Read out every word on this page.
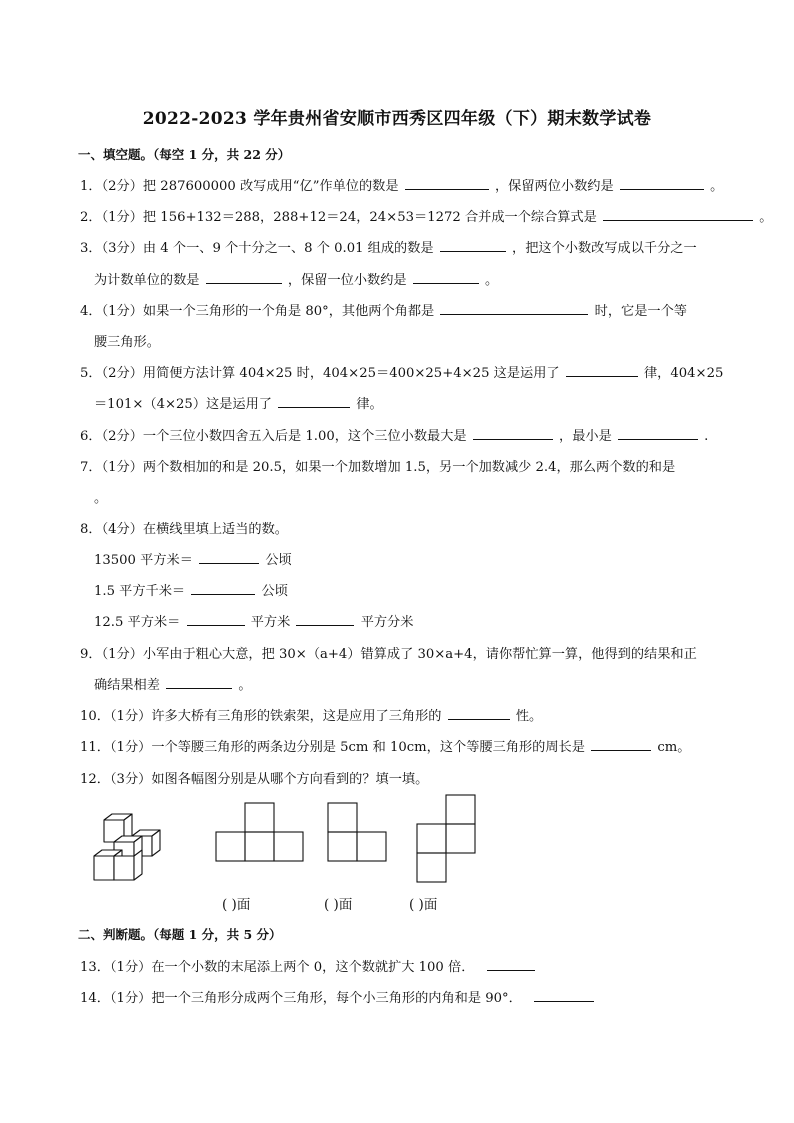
2022-2023 学年贵州省安顺市西秀区四年级（下）期末数学试卷
一、填空题。（每空 1 分，共 22 分）
1．（2分）把 287600000 改写成用“亿”作单位的数是	，保留两位小数约是	。
2．（1分）把 156+132＝288，288+12＝24，24×53＝1272 合并成一个综合算式是	。
3．（3分）由 4 个一、9 个十分之一、8 个 0.01 组成的数是	，把这个小数改写成以千分之一
为计数单位的数是	，保留一位小数约是	。
4．（1分）如果一个三角形的一个角是 80°，其他两个角都是	时，它是一个等
腰三角形。
5．（2分）用简便方法计算 404×25 时，404×25＝400×25+4×25 这是运用了	律，404×25
＝101×（4×25）这是运用了	律。
6．（2分）一个三位小数四舍五入后是 1.00，这个三位小数最大是	，最小是	.
7．（1分）两个数相加的和是 20.5，如果一个加数增加 1.5，另一个加数减少 2.4，那么两个数的和是
。
8．（4分）在横线里填上适当的数。
13500 平方米＝	公顷
1.5 平方千米＝	公顷
12.5 平方米＝	平方米	平方分米
9．（1分）小军由于粗心大意，把 30×（a+4）错算成了 30×a+4，请你帮忙算一算，他得到的结果和正
确结果相差	。
10．（1分）许多大桥有三角形的铁索架，这是应用了三角形的	性。
11．（1分）一个等腰三角形的两条边分别是 5cm 和 10cm，这个等腰三角形的周长是	cm。
12．（3分）如图各幅图分别是从哪个方向看到的？填一填。
( )面	( )面	( )面
二、判断题。（每题 1 分，共 5 分）
13．（1分）在一个小数的末尾添上两个 0，这个数就扩大 100 倍．
14．（1分）把一个三角形分成两个三角形，每个小三角形的内角和是 90°．
